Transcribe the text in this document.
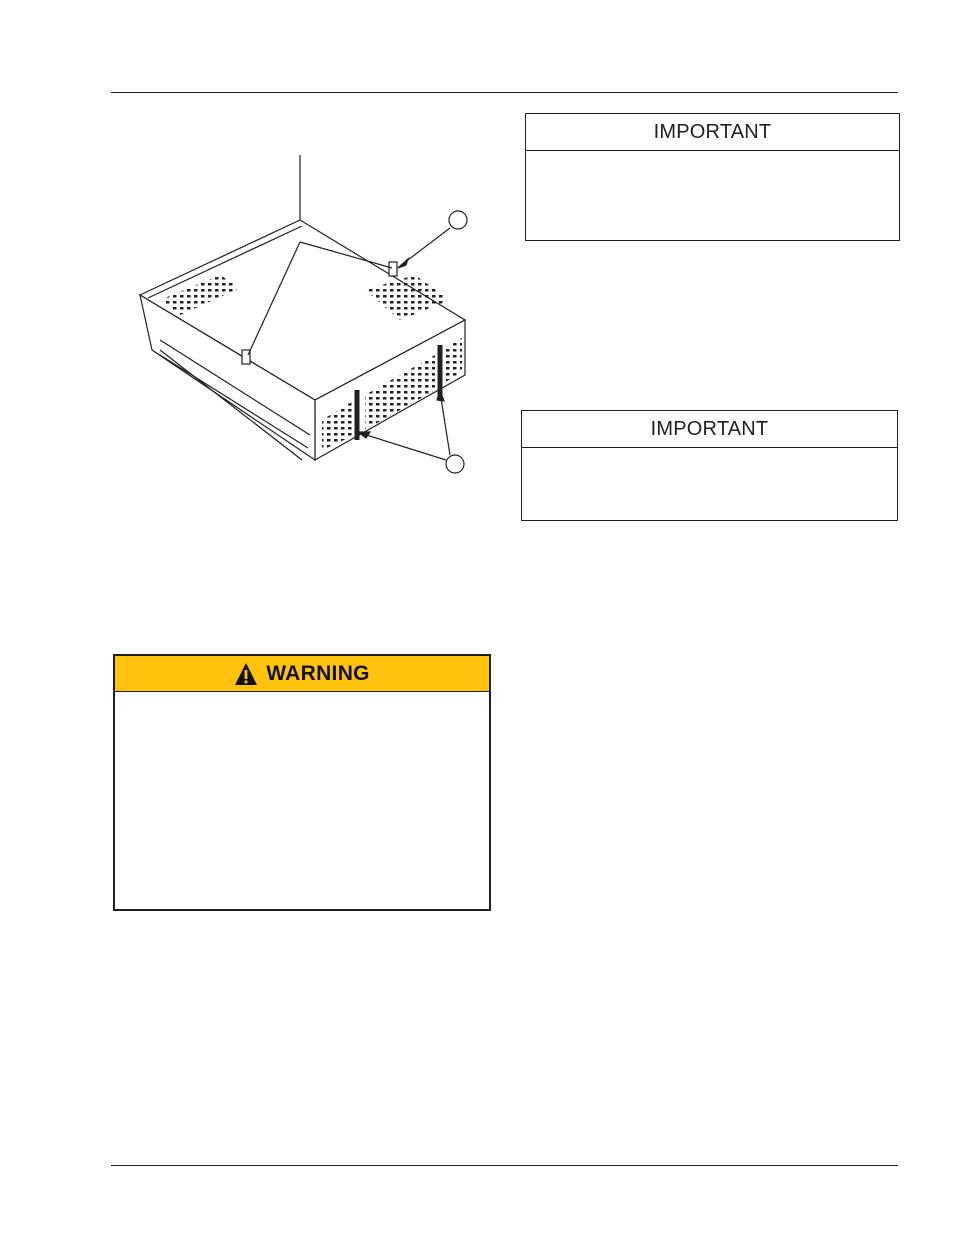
IMPORTANT
IMPORTANT
WARNING
